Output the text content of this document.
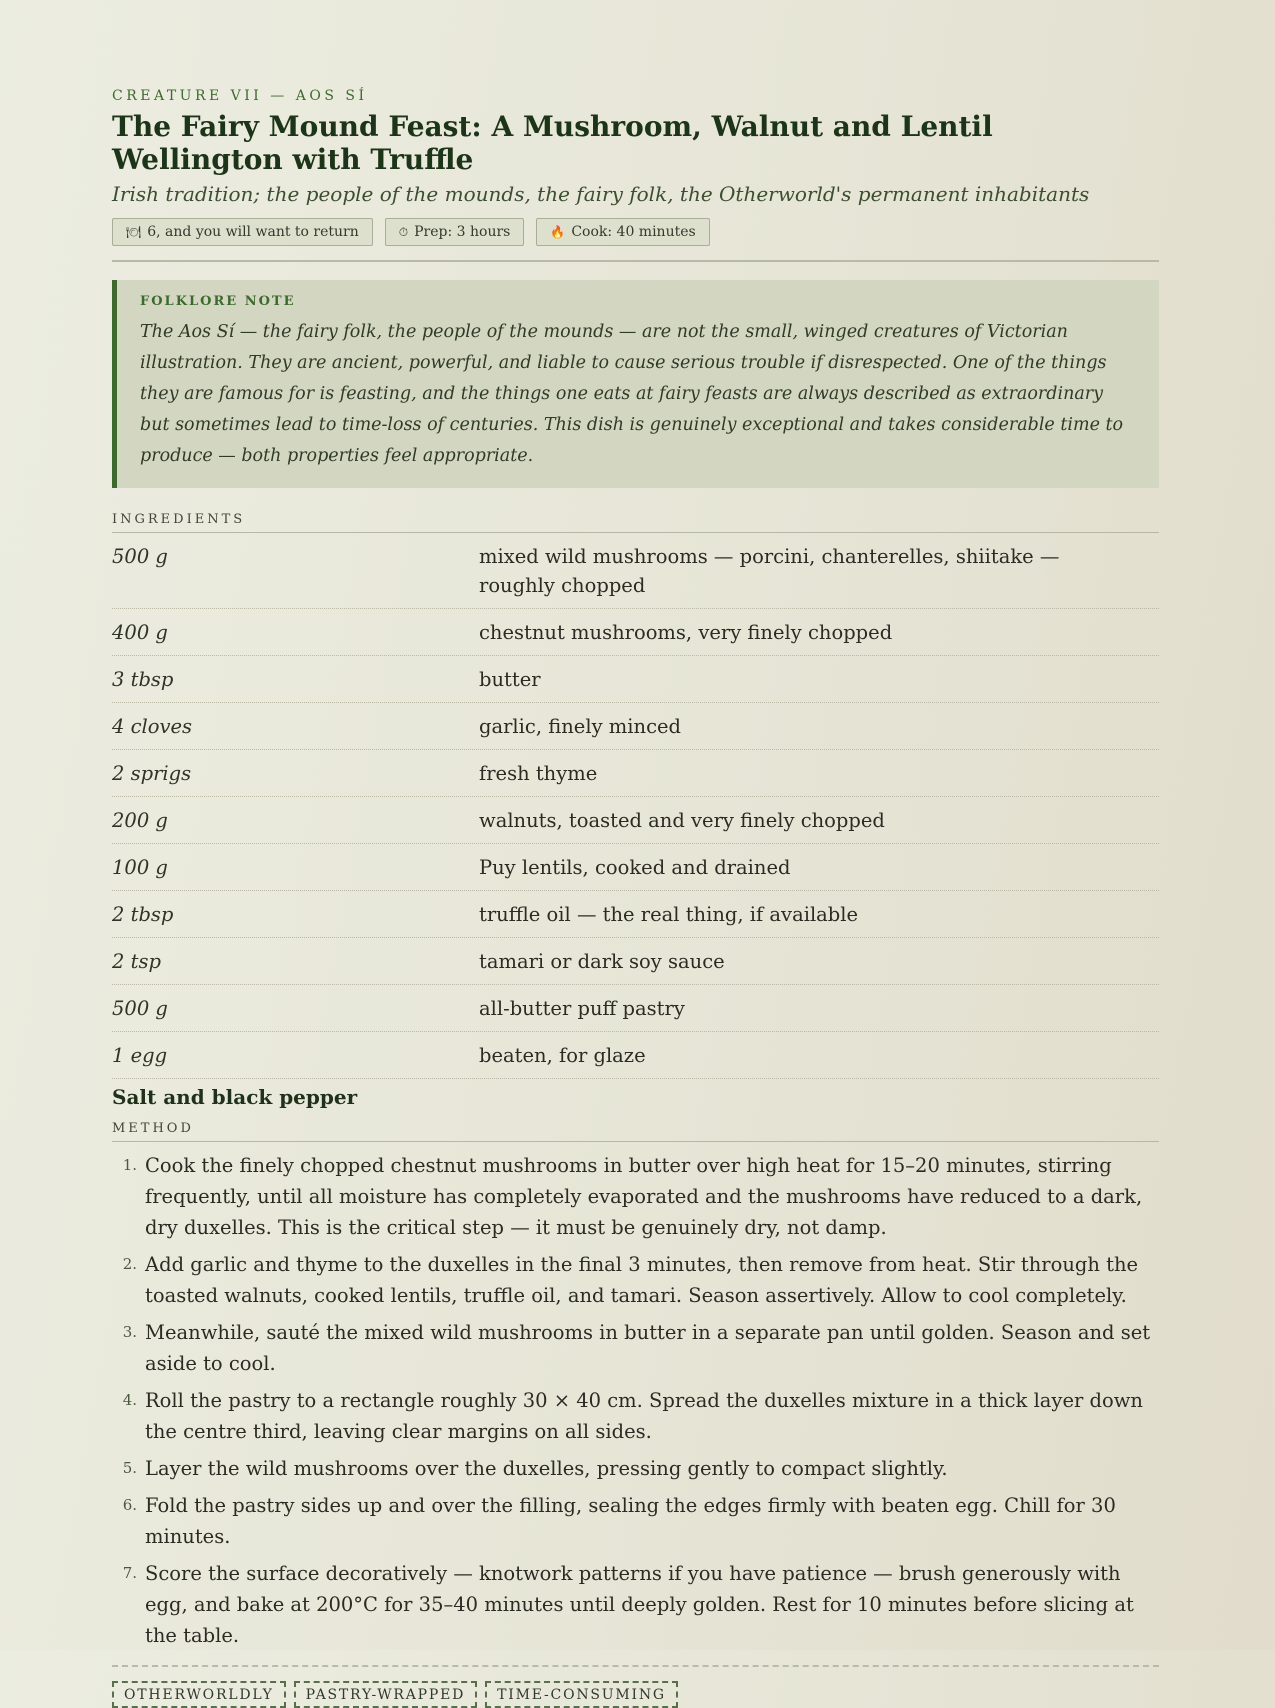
CREATURE VII — AOS SÍ
The Fairy Mound Feast: A Mushroom, Walnut and Lentil Wellington with Truffle
Irish tradition; the people of the mounds, the fairy folk, the Otherworld's permanent inhabitants
🍽 6, and you will want to return	⏱ Prep: 3 hours	🔥 Cook: 40 minutes
FOLKLORE NOTE
The Aos Sí — the fairy folk, the people of the mounds — are not the small, winged creatures of Victorian illustration. They are ancient, powerful, and liable to cause serious trouble if disrespected. One of the things they are famous for is feasting, and the things one eats at fairy feasts are always described as extraordinary but sometimes lead to time-loss of centuries. This dish is genuinely exceptional and takes considerable time to produce — both properties feel appropriate.
INGREDIENTS
500 g	mixed wild mushrooms — porcini, chanterelles, shiitake — roughly chopped
400 g	chestnut mushrooms, very finely chopped
3 tbsp	butter
4 cloves	garlic, finely minced
2 sprigs	fresh thyme
200 g	walnuts, toasted and very finely chopped
100 g	Puy lentils, cooked and drained
2 tbsp	truffle oil — the real thing, if available
2 tsp	tamari or dark soy sauce
500 g	all-butter puff pastry
1 egg	beaten, for glaze
Salt and black pepper
METHOD
1. Cook the finely chopped chestnut mushrooms in butter over high heat for 15–20 minutes, stirring frequently, until all moisture has completely evaporated and the mushrooms have reduced to a dark, dry duxelles. This is the critical step — it must be genuinely dry, not damp.
2. Add garlic and thyme to the duxelles in the final 3 minutes, then remove from heat. Stir through the toasted walnuts, cooked lentils, truffle oil, and tamari. Season assertively. Allow to cool completely.
3. Meanwhile, sauté the mixed wild mushrooms in butter in a separate pan until golden. Season and set aside to cool.
4. Roll the pastry to a rectangle roughly 30 × 40 cm. Spread the duxelles mixture in a thick layer down the centre third, leaving clear margins on all sides.
5. Layer the wild mushrooms over the duxelles, pressing gently to compact slightly.
6. Fold the pastry sides up and over the filling, sealing the edges firmly with beaten egg. Chill for 30 minutes.
7. Score the surface decoratively — knotwork patterns if you have patience — brush generously with egg, and bake at 200°C for 35–40 minutes until deeply golden. Rest for 10 minutes before slicing at the table.
OTHERWORLDLY	PASTRY-WRAPPED	TIME-CONSUMING
